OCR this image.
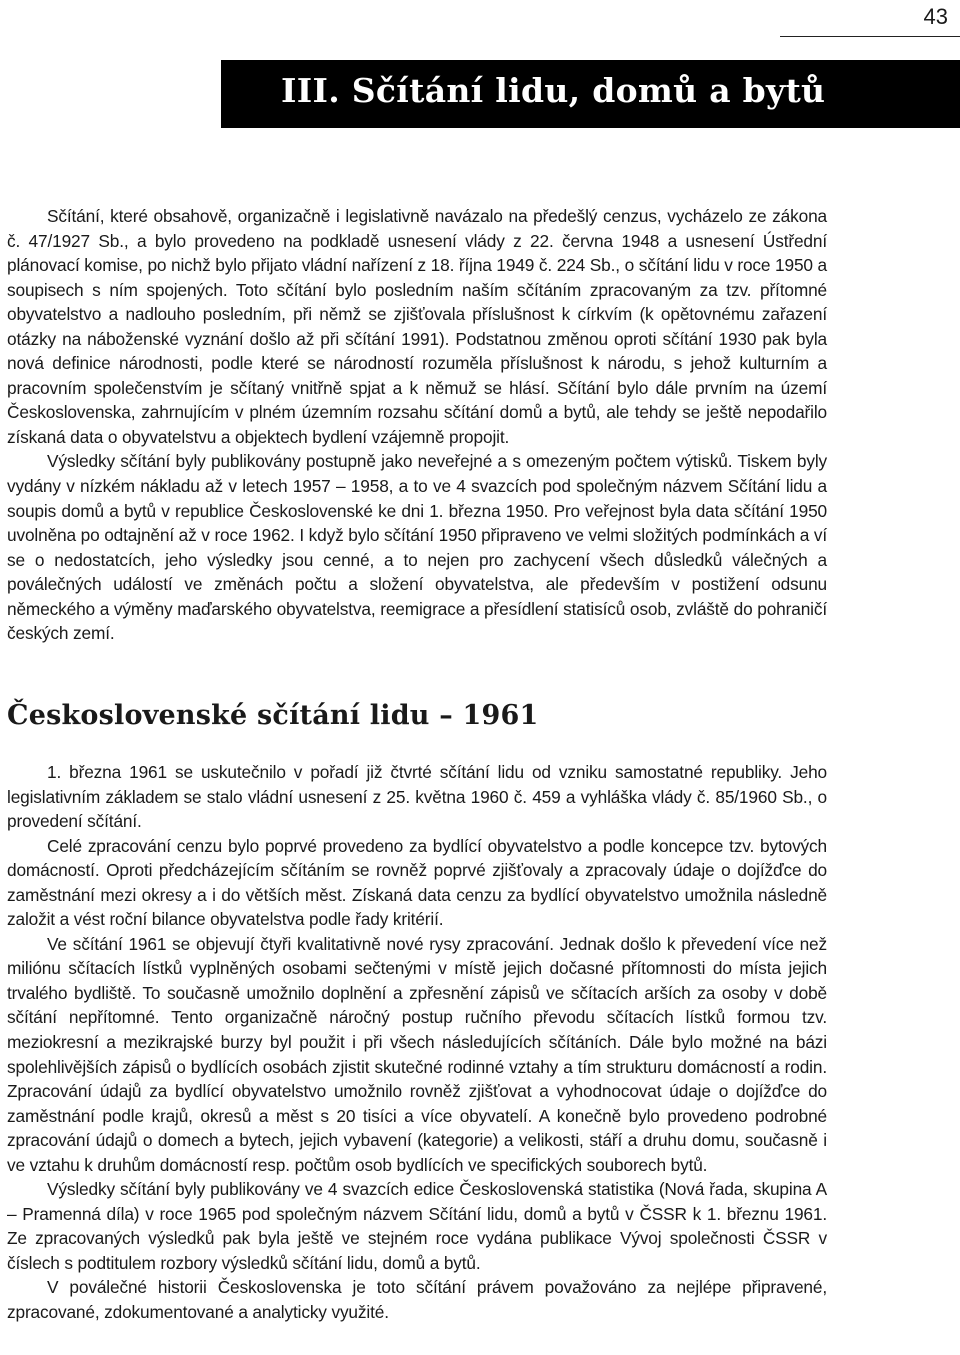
43
III. Sčítání lidu, domů a bytů

Sčítání, které obsahově, organizačně i legislativně navázalo na předešlý cenzus, vycházelo ze zákona č. 47/1927 Sb., a bylo provedeno na podkladě usnesení vlády z 22. června 1948 a usnesení Ústřední plánovací komise, po nichž bylo přijato vládní nařízení z 18. října 1949 č. 224 Sb., o sčítání lidu v roce 1950 a soupisech s ním spojených. Toto sčítání bylo posledním naším sčítáním zpracovaným za tzv. přítomné obyvatelstvo a nadlouho posledním, při němž se zjišťovala příslušnost k církvím (k opětovnému zařazení otázky na náboženské vyznání došlo až při sčítání 1991). Podstatnou změnou oproti sčítání 1930 pak byla nová definice národnosti, podle které se národností rozuměla příslušnost k národu, s jehož kulturním a pracovním společenstvím je sčítaný vnitřně spjat a k němuž se hlásí. Sčítání bylo dále prvním na území Československa, zahrnujícím v plném územním rozsahu sčítání domů a bytů, ale tehdy se ještě nepodařilo získaná data o obyvatelstvu a objektech bydlení vzájemně propojit.

Výsledky sčítání byly publikovány postupně jako neveřejné a s omezeným počtem výtisků. Tiskem byly vydány v nízkém nákladu až v letech 1957 – 1958, a to ve 4 svazcích pod společným názvem Sčítání lidu a soupis domů a bytů v republice Československé ke dni 1. března 1950. Pro veřejnost byla data sčítání 1950 uvolněna po odtajnění až v roce 1962. I když bylo sčítání 1950 připraveno ve velmi složitých podmínkách a ví se o nedostatcích, jeho výsledky jsou cenné, a to nejen pro zachycení všech důsledků válečných a poválečných událostí ve změnách počtu a složení obyvatelstva, ale především v postižení odsunu německého a výměny maďarského obyvatelstva, reemigrace a přesídlení statisíců osob, zvláště do pohraničí českých zemí.

Československé sčítání lidu – 1961

1. března 1961 se uskutečnilo v pořadí již čtvrté sčítání lidu od vzniku samostatné republiky. Jeho legislativním základem se stalo vládní usnesení z 25. května 1960 č. 459 a vyhláška vlády č. 85/1960 Sb., o provedení sčítání.

Celé zpracování cenzu bylo poprvé provedeno za bydlící obyvatelstvo a podle koncepce tzv. bytových domácností. Oproti předcházejícím sčítáním se rovněž poprvé zjišťovaly a zpracovaly údaje o dojížďce do zaměstnání mezi okresy a i do větších měst. Získaná data cenzu za bydlící obyvatelstvo umožnila následně založit a vést roční bilance obyvatelstva podle řady kritérií.

Ve sčítání 1961 se objevují čtyři kvalitativně nové rysy zpracování. Jednak došlo k převedení více než miliónu sčítacích lístků vyplněných osobami sečtenými v místě jejich dočasné přítomnosti do místa jejich trvalého bydliště. To současně umožnilo doplnění a zpřesnění zápisů ve sčítacích arších za osoby v době sčítání nepřítomné. Tento organizačně náročný postup ručního převodu sčítacích lístků formou tzv. meziokresní a mezikrajské burzy byl použit i při všech následujících sčítáních. Dále bylo možné na bázi spolehlivějších zápisů o bydlících osobách zjistit skutečné rodinné vztahy a tím strukturu domácností a rodin. Zpracování údajů za bydlící obyvatelstvo umožnilo rovněž zjišťovat a vyhodnocovat údaje o dojížďce do zaměstnání podle krajů, okresů a měst s 20 tisíci a více obyvatelí. A konečně bylo provedeno podrobné zpracování údajů o domech a bytech, jejich vybavení (kategorie) a velikosti, stáří a druhu domu, současně i ve vztahu k druhům domácností resp. počtům osob bydlících ve specifických souborech bytů.

Výsledky sčítání byly publikovány ve 4 svazcích edice Československá statistika (Nová řada, skupina A – Pramenná díla) v roce 1965 pod společným názvem Sčítání lidu, domů a bytů v ČSSR k 1. březnu 1961. Ze zpracovaných výsledků pak byla ještě ve stejném roce vydána publikace Vývoj společnosti ČSSR v číslech s podtitulem rozbory výsledků sčítání lidu, domů a bytů.

V poválečné historii Československa je toto sčítání právem považováno za nejlépe připravené, zpracované, zdokumentované a analyticky využité.
